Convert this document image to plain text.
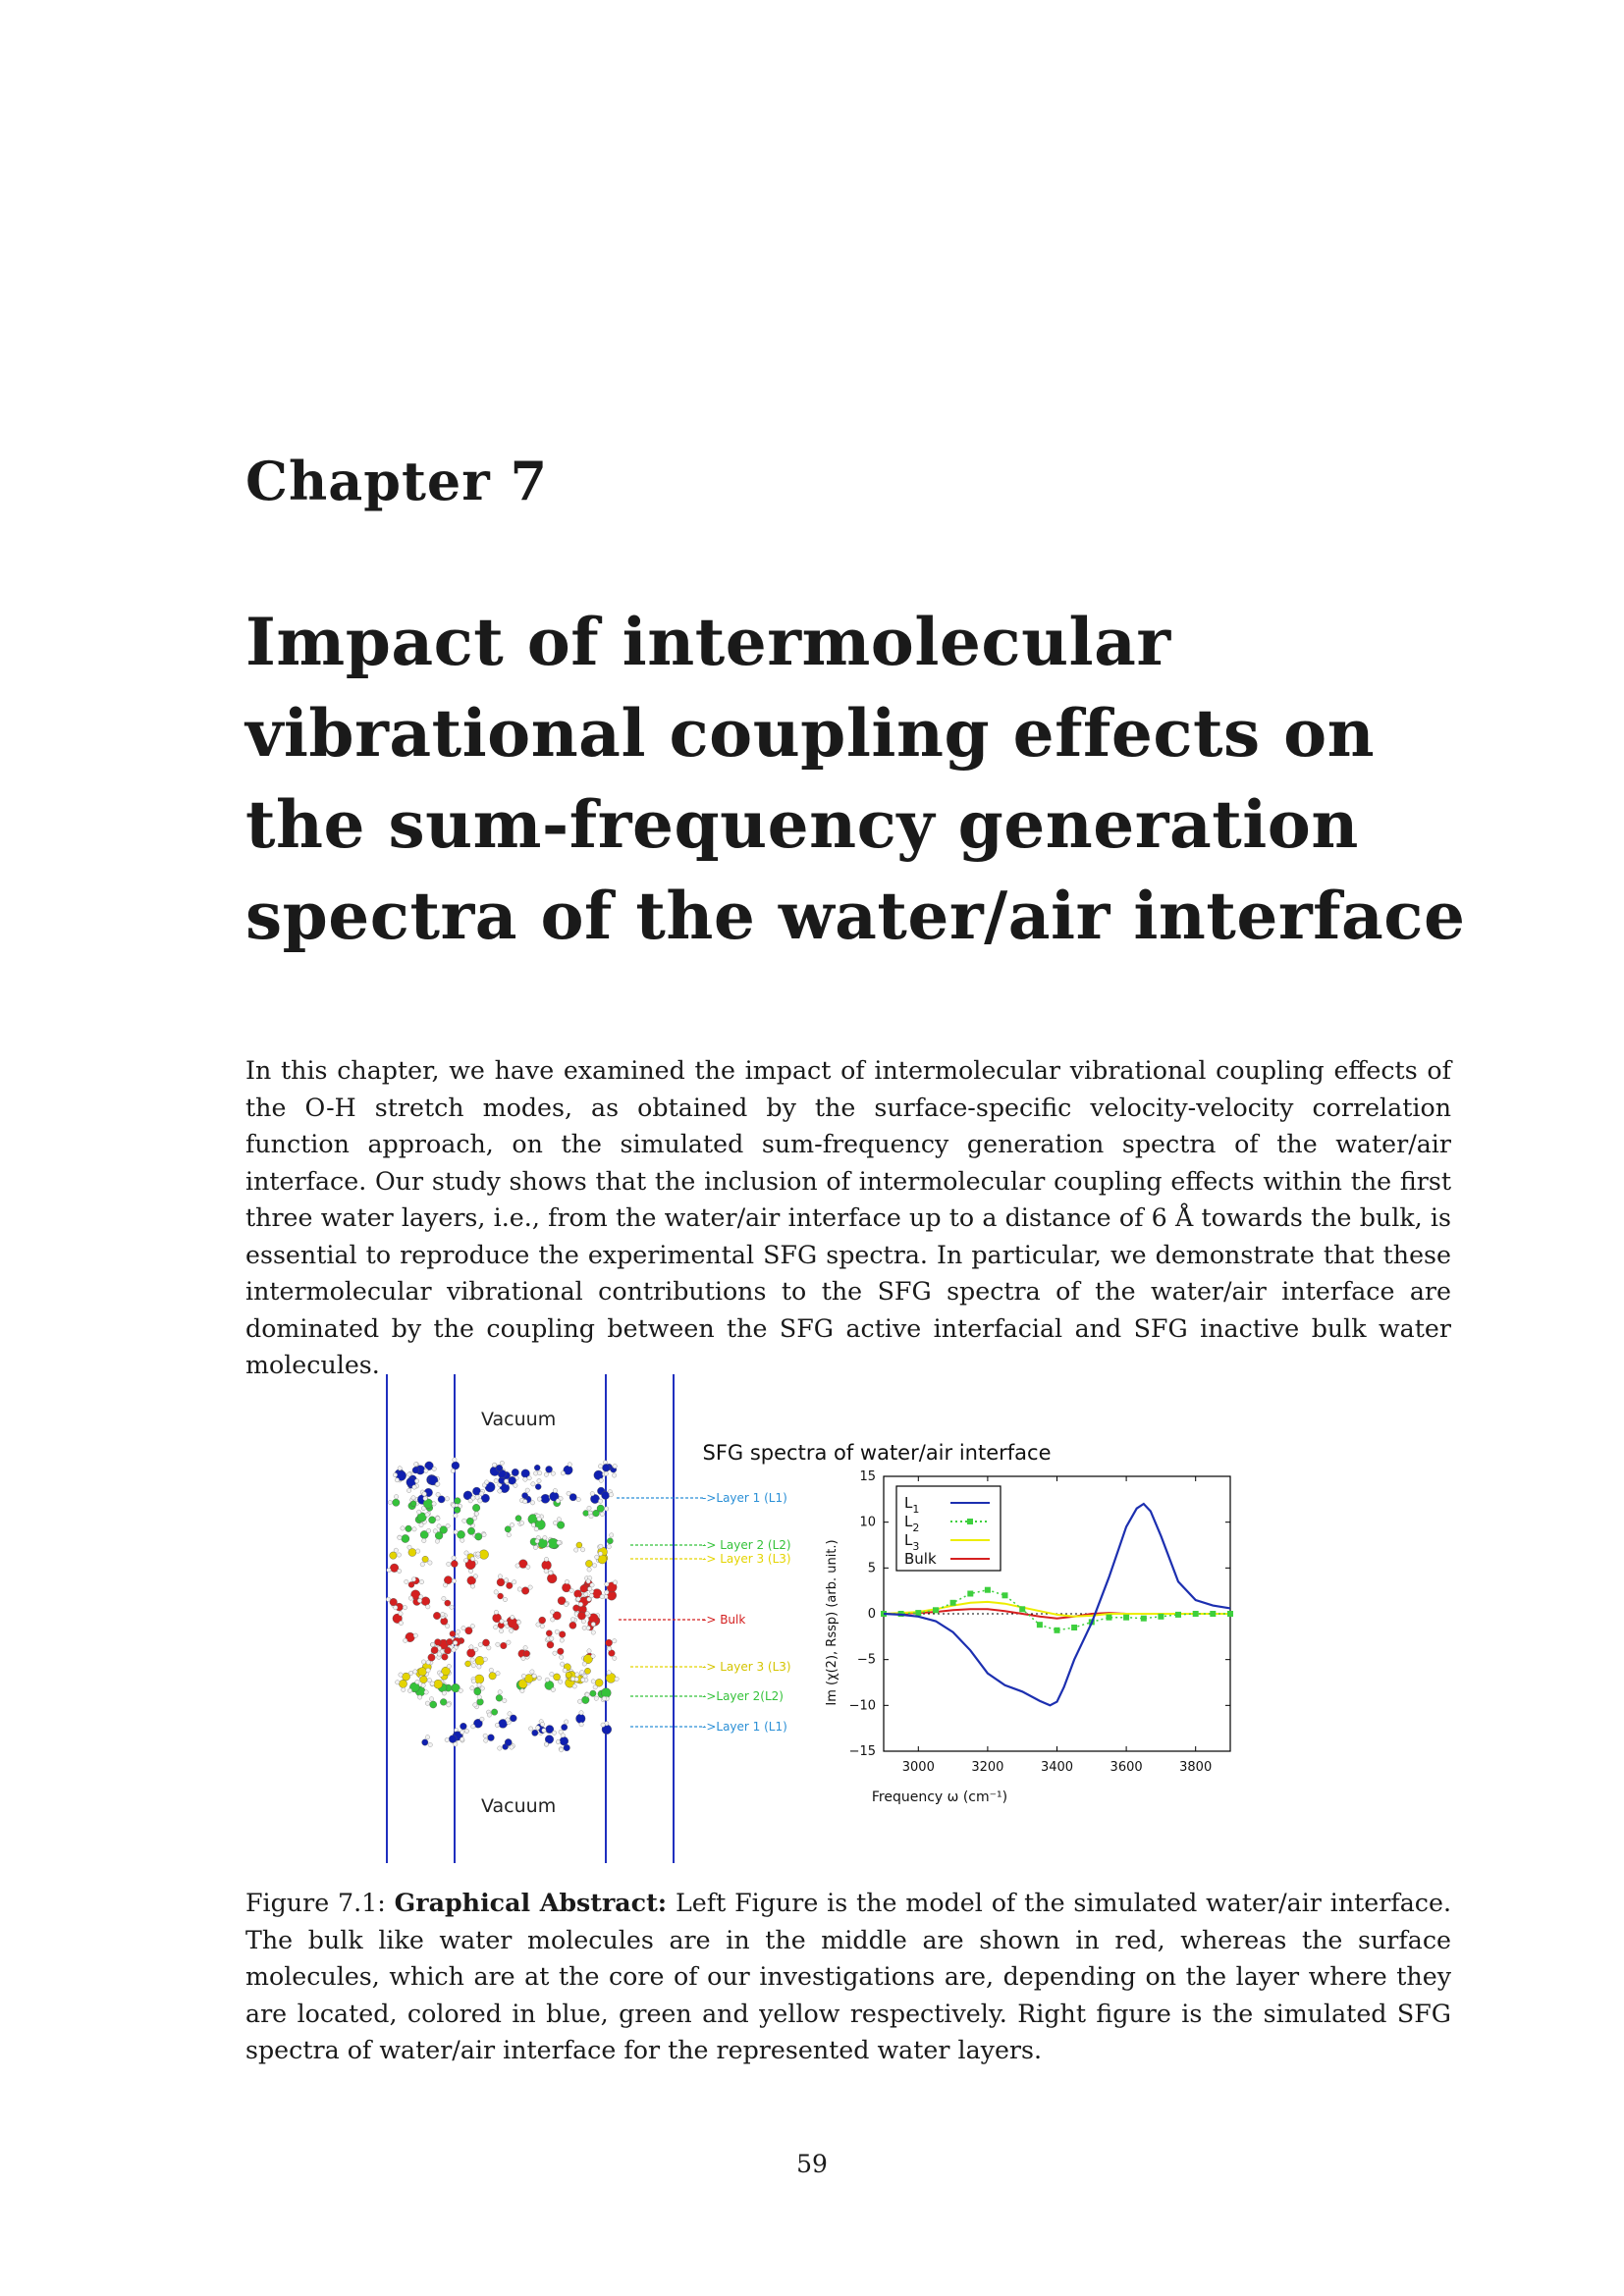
Chapter 7
Impact of intermolecular vibrational coupling effects on the sum-frequency generation spectra of the water/air interface
In this chapter, we have examined the impact of intermolecular vibrational coupling effects of the O-H stretch modes, as obtained by the surface-specific velocity-velocity correlation function approach, on the simulated sum-frequency generation spectra of the water/air interface. Our study shows that the inclusion of intermolecular coupling effects within the first three water layers, i.e., from the water/air interface up to a distance of 6 Å towards the bulk, is essential to reproduce the experimental SFG spectra. In particular, we demonstrate that these intermolecular vibrational contributions to the SFG spectra of the water/air interface are dominated by the coupling between the SFG active interfacial and SFG inactive bulk water molecules.
Vacuum
Vacuum
->Layer 1 (L1)
-> Layer 2 (L2)
-> Layer 3 (L3)
-> Bulk
-> Layer 3 (L3)
->Layer 2(L2)
->Layer 1 (L1)
SFG spectra of water/air interface
3000	3200	3400	3600	3800
−15
−10
−5
0
5
10
15
Frequency ω (cm⁻¹)
Im (χ(2), Rssp) (arb. unit.)
$L_1$
$L_2$
$L_3$
Bulk
Figure 7.1: Graphical Abstract: Left Figure is the model of the simulated water/air interface. The bulk like water molecules are in the middle are shown in red, whereas the surface molecules, which are at the core of our investigations are, depending on the layer where they are located, colored in blue, green and yellow respectively. Right figure is the simulated SFG spectra of water/air interface for the represented water layers.
59
